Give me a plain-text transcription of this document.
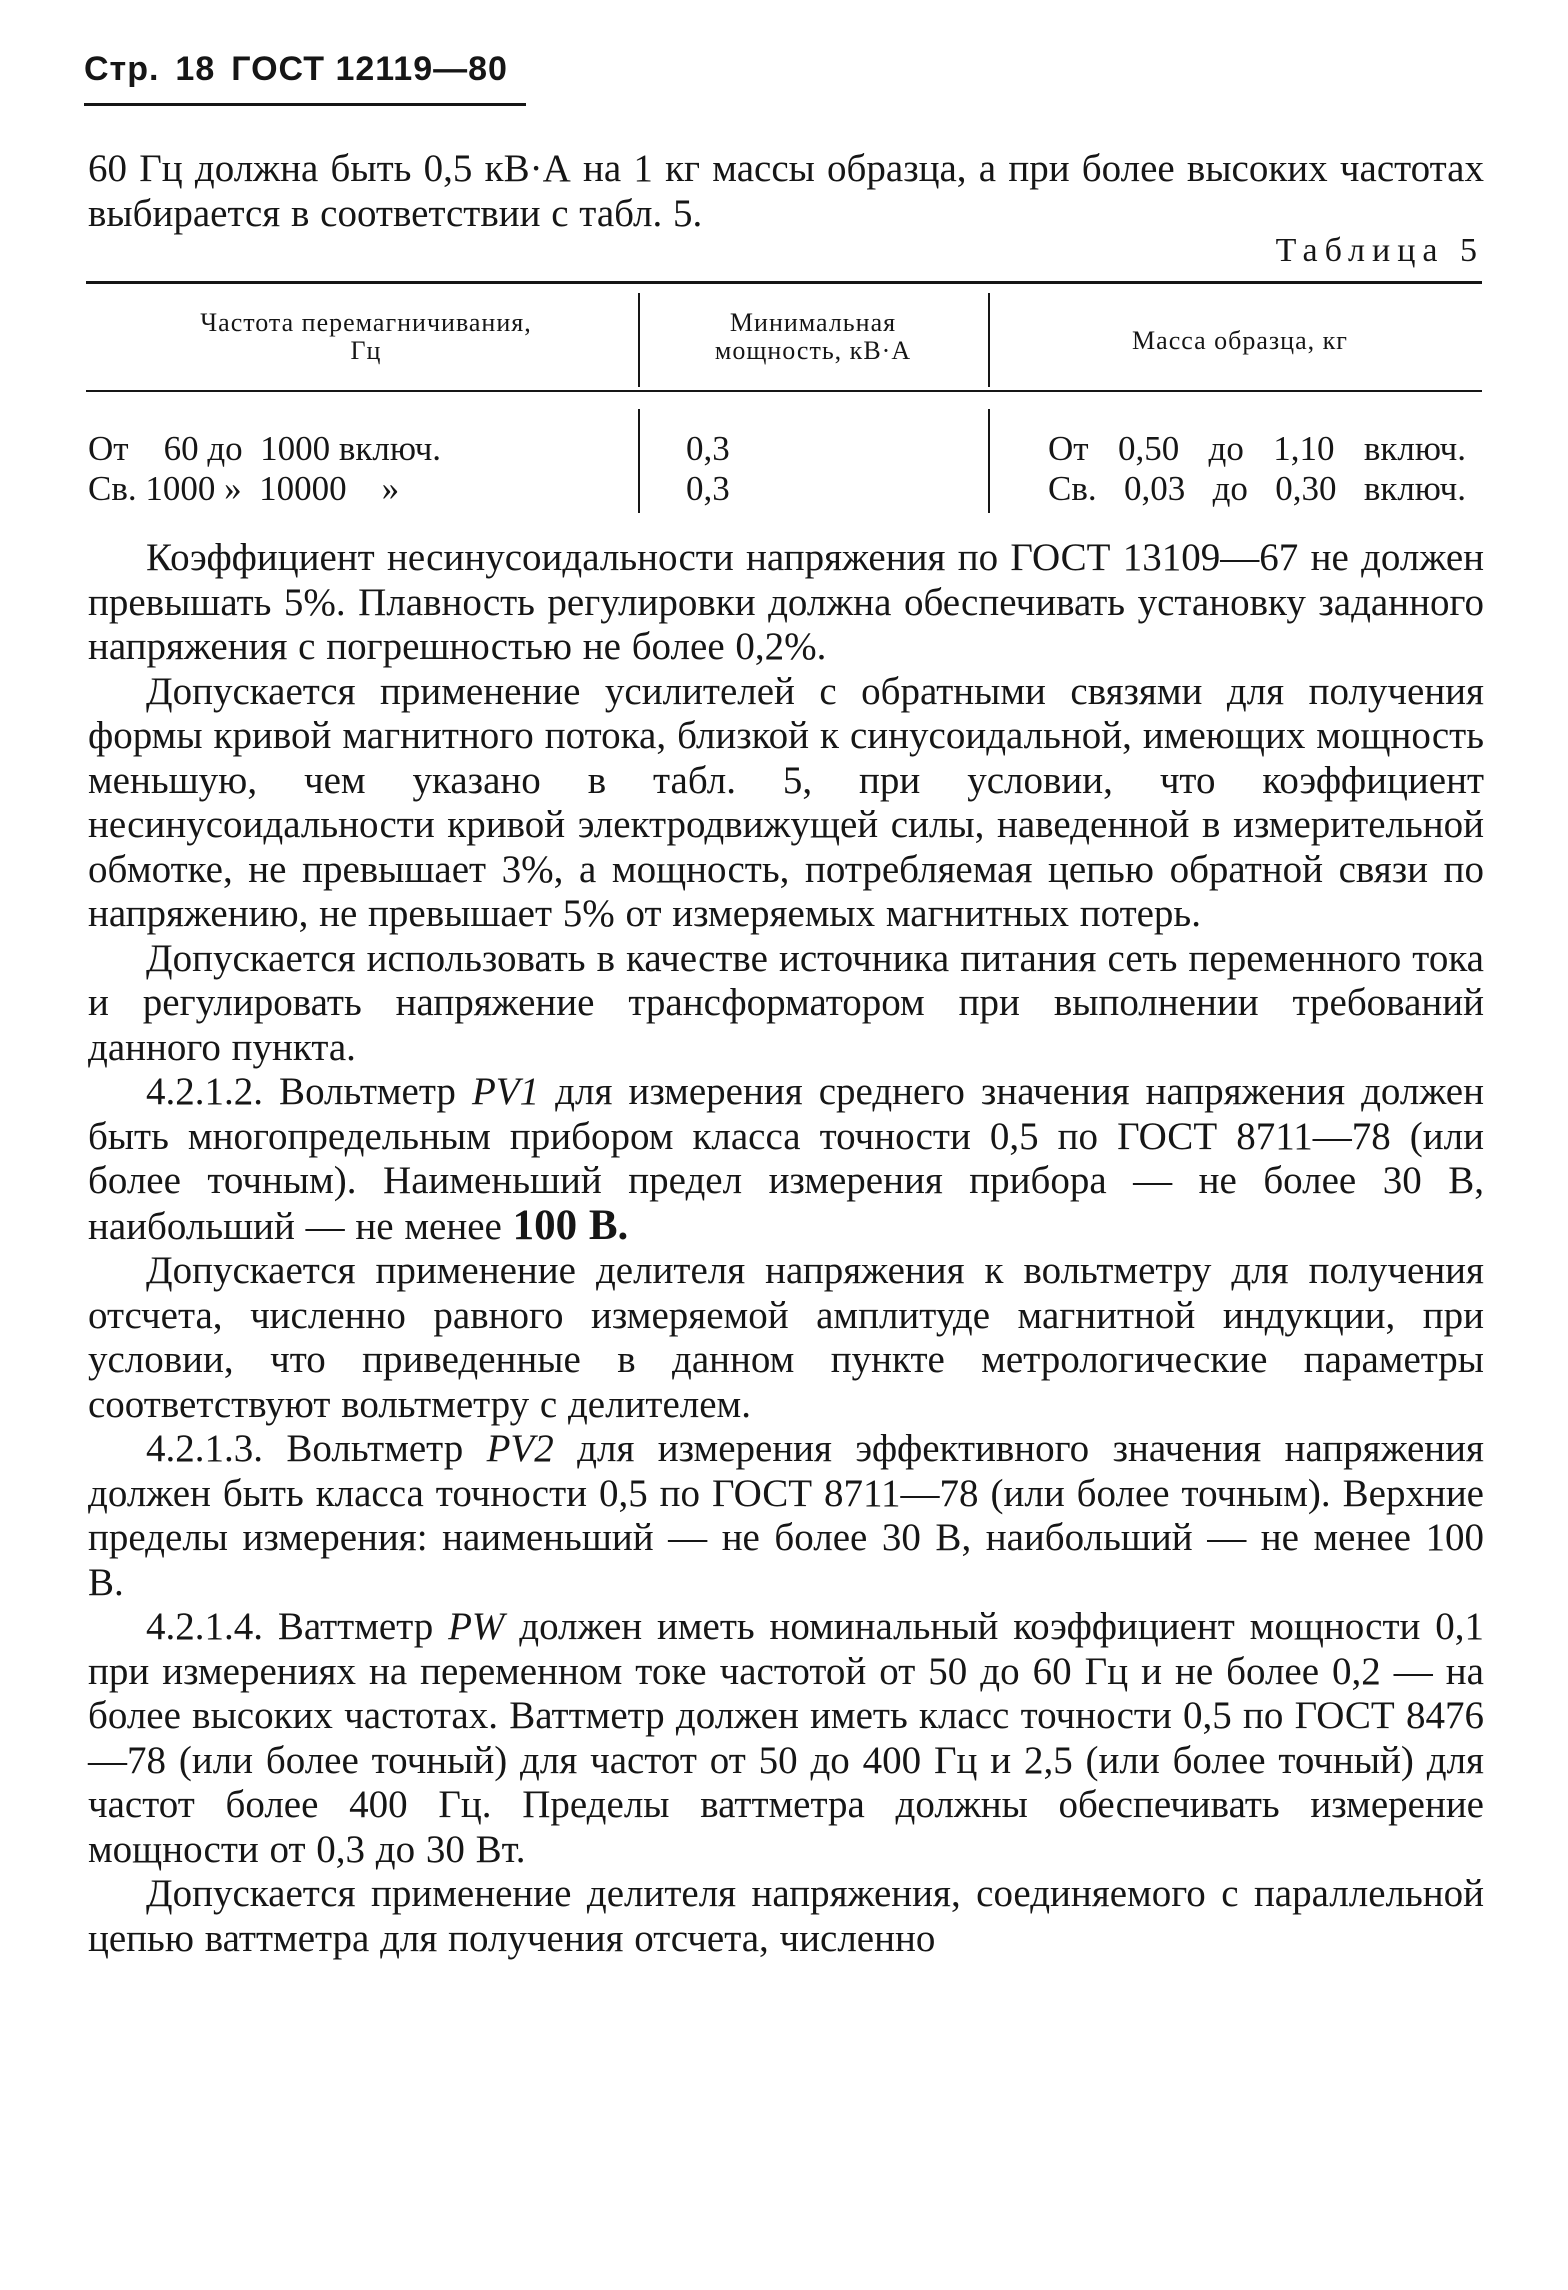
Стр. 18 ГОСТ 12119—80

60 Гц должна быть 0,5 кВ·А на 1 кг массы образца, а при более высоких частотах выбирается в соответствии с табл. 5.

Таблица 5
Частота перемагничивания,
Гц
Минимальная
мощность, кВ·А	Масса образца, кг
От 60 до 1000 включ.
Св. 1000 » 10000 »
0,3
0,3
От 0,50 до 1,10 включ.
Св. 0,03 до 0,30 включ.

Коэффициент несинусоидальности напряжения по ГОСТ 13109—67 не должен превышать 5%. Плавность регулировки должна обеспечивать установку заданного напряжения с погрешностью не более 0,2%.

Допускается применение усилителей с обратными связями для получения формы кривой магнитного потока, близкой к синусоидальной, имеющих мощность меньшую, чем указано в табл. 5, при условии, что коэффициент несинусоидальности кривой электродвижущей силы, наведенной в измерительной обмотке, не превышает 3%, а мощность, потребляемая цепью обратной связи по напряжению, не превышает 5% от измеряемых магнитных потерь.

Допускается использовать в качестве источника питания сеть переменного тока и регулировать напряжение трансформатором при выполнении требований данного пункта.

4.2.1.2. Вольтметр PV1 для измерения среднего значения напряжения должен быть многопредельным прибором класса точности 0,5 по ГОСТ 8711—78 (или более точным). Наименьший предел измерения прибора — не более 30 В, наибольший — не менее 100 В.

Допускается применение делителя напряжения к вольтметру для получения отсчета, численно равного измеряемой амплитуде магнитной индукции, при условии, что приведенные в данном пункте метрологические параметры соответствуют вольтметру с делителем.

4.2.1.3. Вольтметр PV2 для измерения эффективного значения напряжения должен быть класса точности 0,5 по ГОСТ 8711—78 (или более точным). Верхние пределы измерения: наименьший — не более 30 В, наибольший — не менее 100 В.

4.2.1.4. Ваттметр PW должен иметь номинальный коэффициент мощности 0,1 при измерениях на переменном токе частотой от 50 до 60 Гц и не более 0,2 — на более высоких частотах. Ваттметр должен иметь класс точности 0,5 по ГОСТ 8476—78 (или более точный) для частот от 50 до 400 Гц и 2,5 (или более точный) для частот более 400 Гц. Пределы ваттметра должны обеспечивать измерение мощности от 0,3 до 30 Вт.

Допускается применение делителя напряжения, соединяемого с параллельной цепью ваттметра для получения отсчета, численно
